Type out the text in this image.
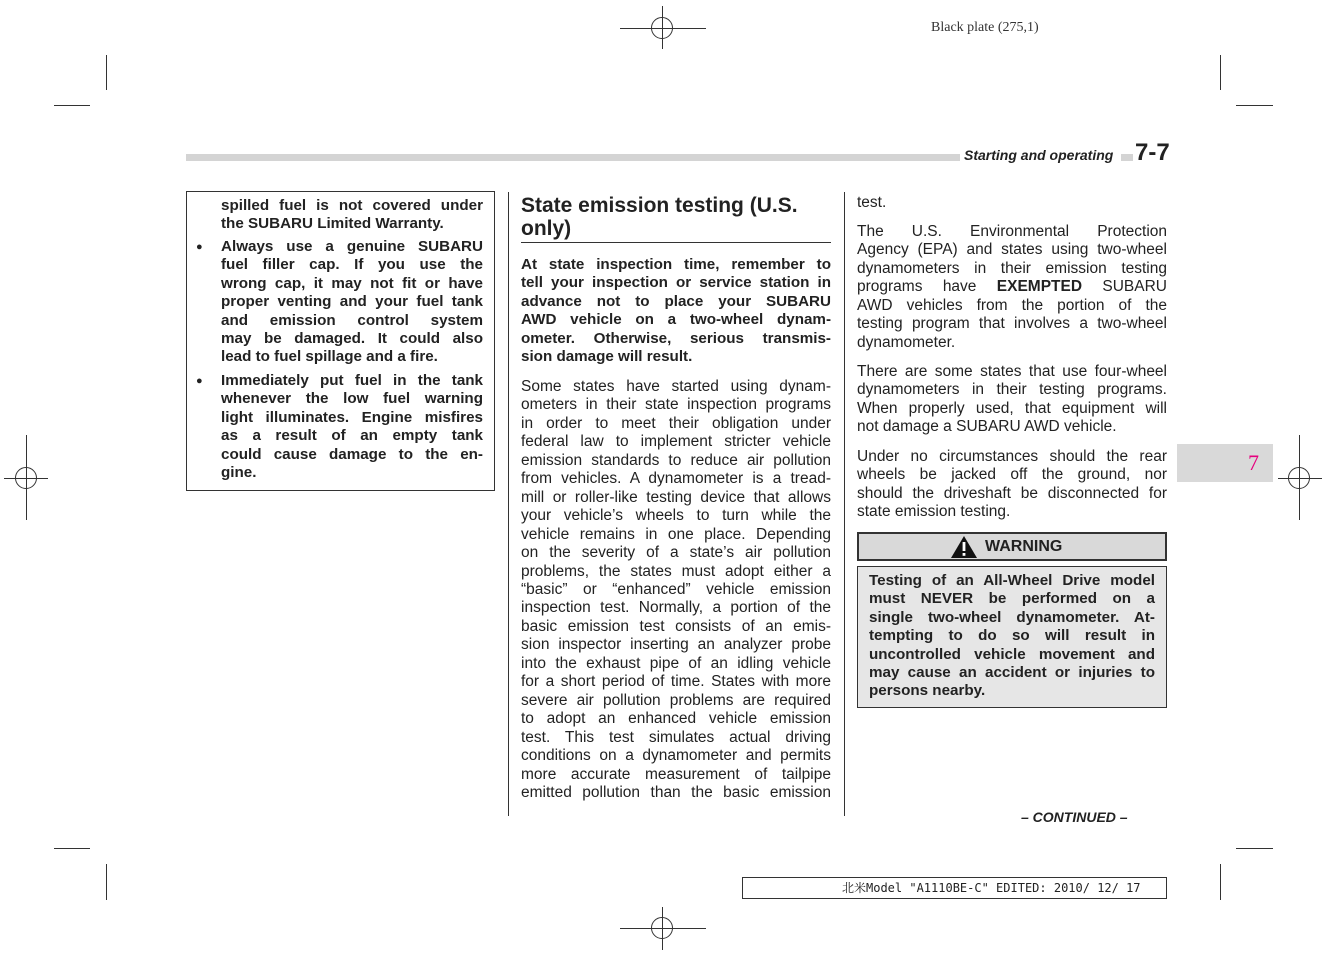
Black plate (275,1)
Starting and operating 7-7
spilled fuel is not covered under
the SUBARU Limited Warranty.
● Always use a genuine SUBARU
fuel filler cap. If you use the
wrong cap, it may not fit or have
proper venting and your fuel tank
and emission control system
may be damaged. It could also
lead to fuel spillage and a fire.
● Immediately put fuel in the tank
whenever the low fuel warning
light illuminates. Engine misfires
as a result of an empty tank
could cause damage to the en-
gine.
State emission testing (U.S.
only)
At state inspection time, remember to
tell your inspection or service station in
advance not to place your SUBARU
AWD vehicle on a two-wheel dynam-
ometer. Otherwise, serious transmis-
sion damage will result.
Some states have started using dynam-
ometers in their state inspection programs
in order to meet their obligation under
federal law to implement stricter vehicle
emission standards to reduce air pollution
from vehicles. A dynamometer is a tread-
mill or roller-like testing device that allows
your vehicle’s wheels to turn while the
vehicle remains in one place. Depending
on the severity of a state’s air pollution
problems, the states must adopt either a
“basic” or “enhanced” vehicle emission
inspection test. Normally, a portion of the
basic emission test consists of an emis-
sion inspector inserting an analyzer probe
into the exhaust pipe of an idling vehicle
for a short period of time. States with more
severe air pollution problems are required
to adopt an enhanced vehicle emission
test. This test simulates actual driving
conditions on a dynamometer and permits
more accurate measurement of tailpipe
emitted pollution than the basic emission
test.
The U.S. Environmental Protection
Agency (EPA) and states using two-wheel
dynamometers in their emission testing
programs have EXEMPTED SUBARU
AWD vehicles from the portion of the
testing program that involves a two-wheel
dynamometer.
There are some states that use four-wheel
dynamometers in their testing programs.
When properly used, that equipment will
not damage a SUBARU AWD vehicle.
Under no circumstances should the rear
wheels be jacked off the ground, nor
should the driveshaft be disconnected for
state emission testing.
WARNING
Testing of an All-Wheel Drive model
must NEVER be performed on a
single two-wheel dynamometer. At-
tempting to do so will result in
uncontrolled vehicle movement and
may cause an accident or injuries to
persons nearby.
7
– CONTINUED –
北米Model "A1110BE-C" EDITED: 2010/ 12/ 17
